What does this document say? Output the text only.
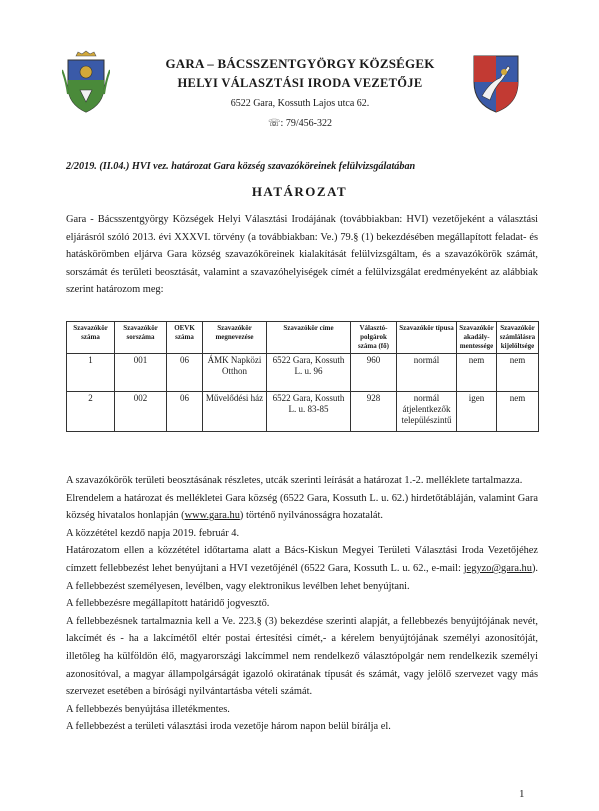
GARA – BÁCSSZENTGYÖRGY KÖZSÉGEK
HELYI VÁLASZTÁSI IRODA VEZETŐJE
6522 Gara, Kossuth Lajos utca 62.
☏: 79/456-322
2/2019. (II.04.) HVI vez. határozat Gara község szavazóköreinek felülvizsgálatában
HATÁROZAT
Gara - Bácsszentgyörgy Községek Helyi Választási Irodájának (továbbiakban: HVI) vezetőjeként a választási eljárásról szóló 2013. évi XXXVI. törvény (a továbbiakban: Ve.) 79.§ (1) bekezdésében megállapított feladat- és hatáskörömben eljárva Gara község szavazóköreinek kialakítását felülvizsgáltam, és a szavazókörök számát, sorszámát és területi beosztását, valamint a szavazóhelyiségek címét a felülvizsgálat eredményeként az alábbiak szerint határozom meg:
Szavazókör száma	Szavazókör sorszáma	OEVK száma	Szavazókör megnevezése	Szavazókör címe	Választó-polgárok száma (fő)	Szavazókör típusa	Szavazókör akadály-mentessége	Szavazókör számlálásra kijelöltsége
1	001	06	ÁMK Napközi Otthon	6522 Gara, Kossuth L. u. 96	960	normál	nem	nem
2	002	06	Művelődési ház	6522 Gara, Kossuth L. u. 83-85	928	normál átjelentkezők települészintű	igen	nem

A szavazókörök területi beosztásának részletes, utcák szerinti leírását a határozat 1.-2. melléklete tartalmazza.

Elrendelem a határozat és mellékletei Gara község (6522 Gara, Kossuth L. u. 62.) hirdetőtábláján, valamint Gara község hivatalos honlapján (www.gara.hu) történő nyilvánosságra hozatalát.

A közzététel kezdő napja 2019. február 4.

Határozatom ellen a közzététel időtartama alatt a Bács-Kiskun Megyei Területi Választási Iroda Vezetőjéhez címzett fellebbezést lehet benyújtani a HVI vezetőjénél (6522 Gara, Kossuth L. u. 62., e-mail: jegyzo@gara.hu). A fellebbezést személyesen, levélben, vagy elektronikus levélben lehet benyújtani.

A fellebbezésre megállapított határidő jogvesztő.

A fellebbezésnek tartalmaznia kell a Ve. 223.§ (3) bekezdése szerinti alapját, a fellebbezés benyújtójának nevét, lakcímét és - ha a lakcímétől eltér postai értesítési címét,- a kérelem benyújtójának személyi azonosítóját, illetőleg ha külföldön élő, magyarországi lakcímmel nem rendelkező választópolgár nem rendelkezik személyi azonosítóval, a magyar állampolgárságát igazoló okiratának típusát és számát, vagy jelölő szervezet vagy más szervezet esetében a bírósági nyilvántartásba vételi számát.

A fellebbezés benyújtása illetékmentes.

A fellebbezést a területi választási iroda vezetője három napon belül bírálja el.

1
